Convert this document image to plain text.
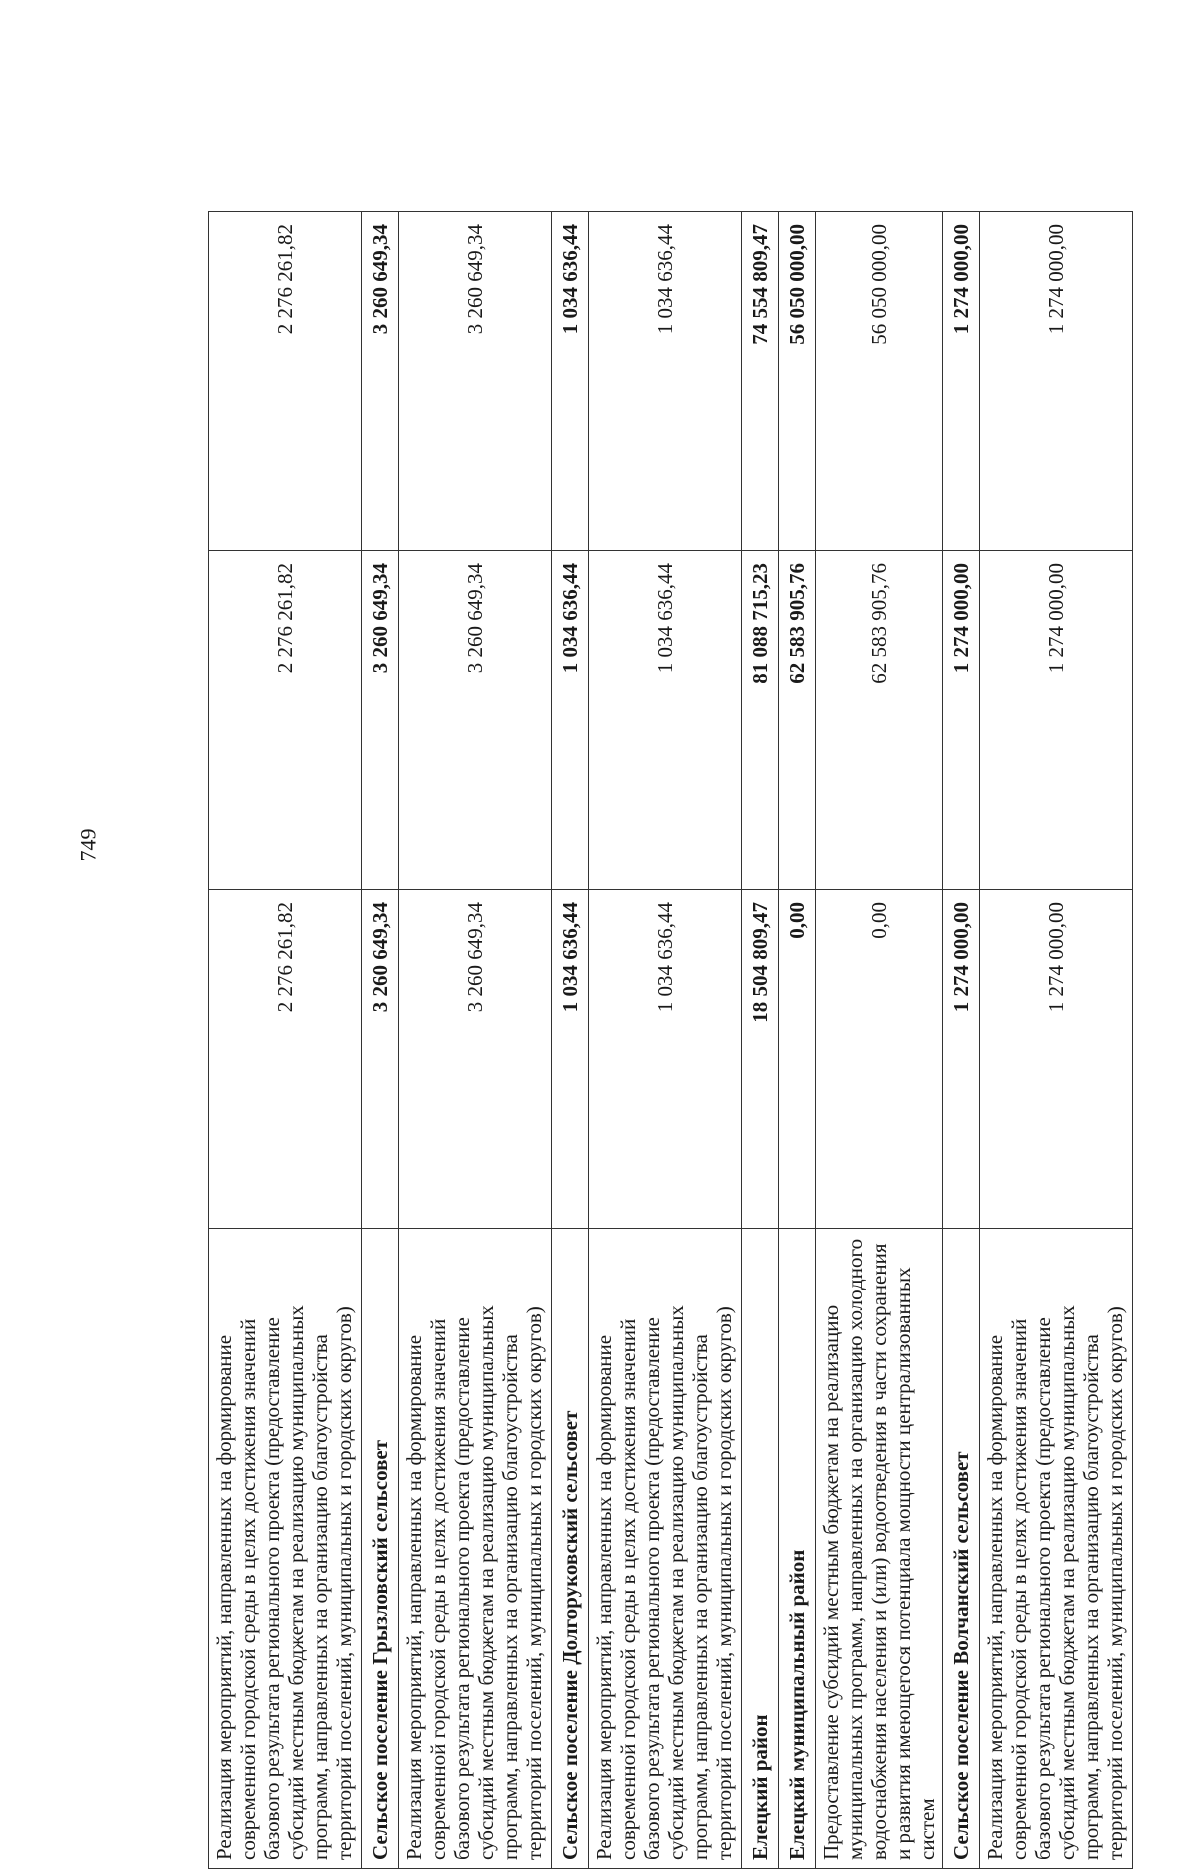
749
Реализация мероприятий, направленных на формирование современной городской среды в целях достижения значений базового результата регионального проекта (предоставление субсидий местным бюджетам на реализацию муниципальных программ, направленных на организацию благоустройства территорий поселений, муниципальных и городских округов)	2 276 261,82	2 276 261,82	2 276 261,82
Сельское поселение Грызловский сельсовет	3 260 649,34	3 260 649,34	3 260 649,34
Реализация мероприятий, направленных на формирование современной городской среды в целях достижения значений базового результата регионального проекта (предоставление субсидий местным бюджетам на реализацию муниципальных программ, направленных на организацию благоустройства территорий поселений, муниципальных и городских округов)	3 260 649,34	3 260 649,34	3 260 649,34
Сельское поселение Долгоруковский сельсовет	1 034 636,44	1 034 636,44	1 034 636,44
Реализация мероприятий, направленных на формирование современной городской среды в целях достижения значений базового результата регионального проекта (предоставление субсидий местным бюджетам на реализацию муниципальных программ, направленных на организацию благоустройства территорий поселений, муниципальных и городских округов)	1 034 636,44	1 034 636,44	1 034 636,44
Елецкий район	18 504 809,47	81 088 715,23	74 554 809,47
Елецкий муниципальный район	0,00	62 583 905,76	56 050 000,00
Предоставление субсидий местным бюджетам на реализацию муниципальных программ, направленных на организацию холодного водоснабжения населения и (или) водоотведения в части сохранения и развития имеющегося потенциала мощности централизованных систем	0,00	62 583 905,76	56 050 000,00
Сельское поселение Волчанский сельсовет	1 274 000,00	1 274 000,00	1 274 000,00
Реализация мероприятий, направленных на формирование современной городской среды в целях достижения значений базового результата регионального проекта (предоставление субсидий местным бюджетам на реализацию муниципальных программ, направленных на организацию благоустройства территорий поселений, муниципальных и городских округов)	1 274 000,00	1 274 000,00	1 274 000,00
